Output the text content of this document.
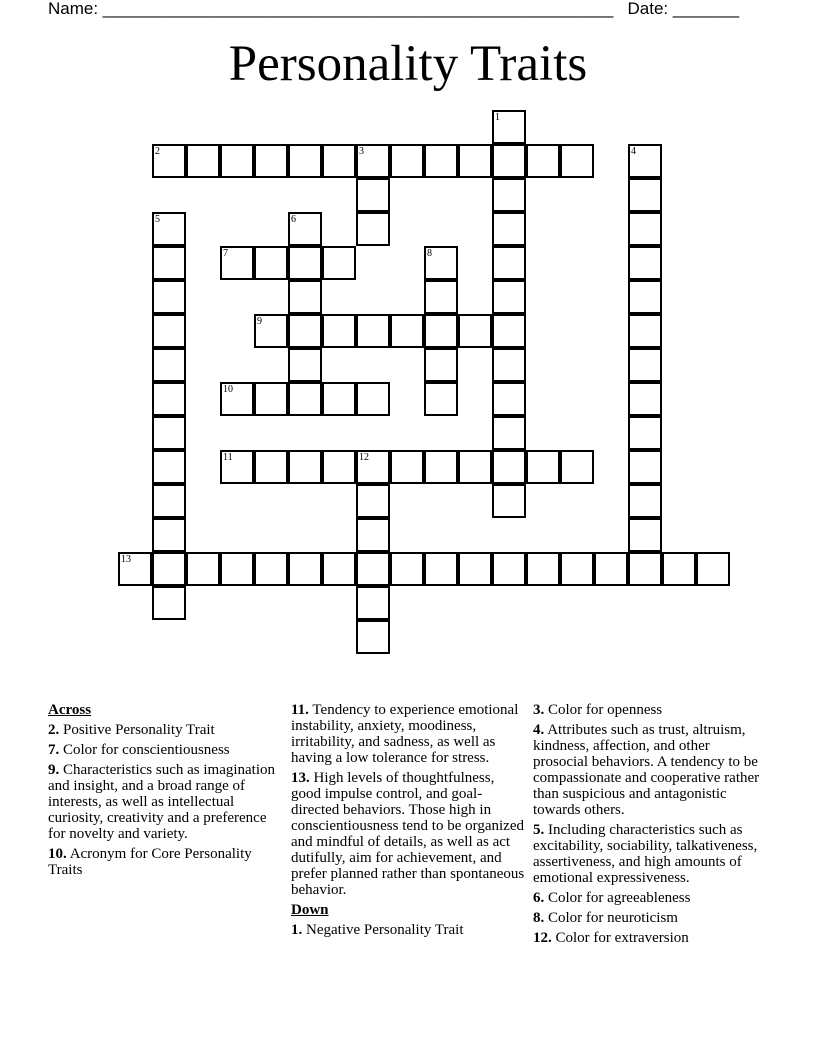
Name: ______________________________________________________ Date: _______
Personality Traits
1
2	3	4
5	6
7	8
9
10
11	12
13
Across
2. Positive Personality Trait
7. Color for conscientiousness
9. Characteristics such as imagination and insight, and a broad range of interests, as well as intellectual curiosity, creativity and a preference for novelty and variety.
10. Acronym for Core Personality Traits
11. Tendency to experience emotional instability, anxiety, moodiness, irritability, and sadness, as well as having a low tolerance for stress.
13. High levels of thoughtfulness, good impulse control, and goal-directed behaviors. Those high in conscientiousness tend to be organized and mindful of details, as well as act dutifully, aim for achievement, and prefer planned rather than spontaneous behavior.
Down
1. Negative Personality Trait
3. Color for openness
4. Attributes such as trust, altruism, kindness, affection, and other prosocial behaviors. A tendency to be compassionate and cooperative rather than suspicious and antagonistic towards others.
5. Including characteristics such as excitability, sociability, talkativeness, assertiveness, and high amounts of emotional expressiveness.
6. Color for agreeableness
8. Color for neuroticism
12. Color for extraversion
